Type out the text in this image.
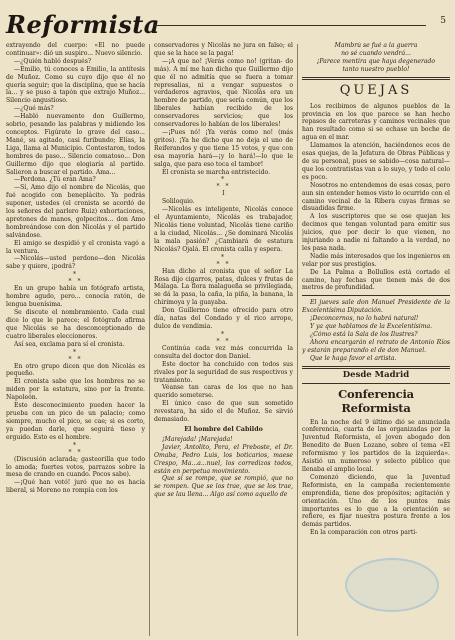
Reformista	5

extrayendo del cuerpo: «El no puede continuar»: dió un suspiro... Nuevo silencio.

—¿Quién habló después?

—Emilio, tú conoces a Emilio, la antítesis de Muñoz. Como su cuyo dijo que él no quería seguir; que la disciplina, que se hacía la... y se puso a tapón que extrajo Muñoz... Silencio angustioso.

—¿Qué más?

—Habló nuevamente don Guillermo, sobrio, pesando las palabras y midiendo los conceptos. Figúrate lo grave del caso... Mané, su agitado, casi furibundo; Elías, la Liga, llama al Municipio. Contestaron, todos hombres de paso... Silencio comatoso... Don Guillermo dijo que elogiaría al partido. Salieron a buscar el partido. Ama...

—Perdona. ¿Tú eran Ama?

—Sí, Amo dijo el nombre de Nicolás, que fué acogido con beneplácito. Ya podrás suponer, ustedes (el cronista se acordó de los señores del parlero Ruiz) exhortaciones, apretones de manos, golpecitos... don Amo hombreándose con don Nicolás y el partido salvándose.

El amigo se despidió y el cronista vagó a la ventura.

—Nicolás—usted perdone—don Nicolás sabe y quiere, ¡podrá?

*
* *

En un grupo había un fotógrafo artista, hombre agudo, pero... conocía ratón, de lengua buenísima.

Se discute el nombramiento. Cada cual dice lo que le parece; el fotógrafo afirma que Nicolás se ha desconceptionado de cuatro liberales eleccioneros.

Así sea, exclama para sí el cronista.

*
* *

En otro grupo dicen que don Nicolás es pequeño.

El cronista sabe que los hombres no se miden por la estatura, sino por la frente. Napoleón.

Este desconocimiento pueden hacer la prueba con un pico de un palacio; como siempre, mucho el pico, se cae; si es corto, ya puedan darle, que seguirá tieso y erguido. Esto es el hombre.

*
* *

(Discusión aclarada; gasteorilla que todo lo amoda; fuertes votos, parrazos sobre la mesa de crando en cuando. Pocos sabe).

—¡Qué han votó! juró que no es hacía liberal, si Moreno no rompía con los

conservadores y Nicolás no jura en falso; el que se la hace se la paga!

—¡A que no! ¡Verás como no! (gritan- do más). A mí me han dicho que Guillermo dijo que él no admitía que se fuera a tomar represalias, ni a vengar supuestos o verdaderos agravios, que Nicolás era un hombre de partido, que sería común, que los liberales habían recibido de los conservadores servicios; que los conservadores lo habían de los liberales!

—¡Pues nó! ¡Ya verás como no! (más gritos). ¡Ya he dicho que no deja el uno de Reiferandos y que tiene 15 votos, y que con esa mayoría hará—¡y lo hará!—lo que le salga, que para eso toca el tambor!

El cronista se marcha entristecido.

*
* *

I

Soliloquio.

—Nicolás es inteligente, Nicolás conoce el Ayuntamiento, Nicolás es trabajador, Nicolás tiene voluntad, Nicolás tiene cariño a la ciudad, Nicolás... ¿Se dominará Nicolás la mala pasión? ¿Cambiará de estatura Nicolás? Ojalá. El cronista calla y espera.

*
* *

Han dicho al cronista que el señor La Rosa dijo cigarros, patas, dulces y frutas de Málaga. La flora malagueña se privilegiada, se dá la pasa, la caña, la piña, la banana, la chirimoya y la guayaba.

Don Guillermo tiene ofrecido para otro día, natas del Condado y el rico arrope, dulce de vendimia.

*
* *

Continúa cada vez más concurrida la consulta del doctor don Daniel.

Este doctor ha concluido con todos sus rivales por la seguridad de sus respectivos y tratamiento.

Véanse tan caras de los que no han querido someterse.

El único caso de que sun sometido revestara, ha sido el de Muñoz. Se sirvió demasiado.

El hombre del Cabildo

¡Marejada! ¡Marejada!

Javier, Antolito, Pera, el Preboste, el Dr. Omaba, Pedro Luis, los boticarios, maese Crespo, Ma...a...nuel, los corredizos todos, están en perpetua movimiento.

Que sí se rompe, que se rompió, que no se rompen. Que se los trae, que se los trae, que se lau llena... Algo así como aquello de

Mambrú se fué a la guerra

no sé cuando vendrá...

¡Parece mentira que haya degenerado

tanto nuestro pueblo!

QUEJAS

Los recibimos de algunos pueblos de la provincia en los que parece se han hecho repasos de carreteras y caminos vecinales que han resultado como si se echase un boche de agua en el mar.

Llamamos la atención, haciéndonos ecos de esas quejas, de la Jefatura de Obras Públicas y de su personal, pues se sabido—cosa natural—que los contratistas van a lo suyo, y todo el celo es poco.

Nosotros no entendemos de esas cosas, pero aun sin entender hemos visto lo ocurrido con el camino vecinal de la Ribera cuyas firmas se disuadidas firme.

A los suscriptores que se ose quejan les decimos que tengan voluntad para emitir sus juicios, que por decir lo que vienen, no injuriando a nadie ni faltando a la verdad, no les pasa nada.

Nadie más interesados que los ingenieros en velar por sus prestigios.

De La Palma a Bollullos está cortado el camino, hay fechas que tienen más de dos metros de profundidad.

El jueves sale don Manuel Presidente de la Excelentísima Diputación.

¡Deconcernos, no lo habrá natural!

Y ya que hablamos de la Excelentísima.

¿Cómo está la Sala de los Ilustres?

Ahora encargarán el retrato de Antonio Ríos y estarán preparando el de don Manuel.

Que le haga favor el artista.

Desde Madrid
Conferencia Reformista

En la noche del 9 último dió se anunciada conferencia, cuarta de las organizadas por la Juventud Reformista, el joven abogado don Benedito de Buen Lozano, sobre el tema «El reformismo y los partidos de la izquierda». Asistió un numeroso y selecto público que llenaba el amplio local.

Comenzó diciendo, que la Juventud Reformista, en la campaña recientemente emprendida, tiene dos propósitos; agitación y orientación. Uno de los puntos más importantes es lo que a la orientación se refiere, es fijar nuestra postura frente a los demás partidos.

En la comparación con otros parti-
